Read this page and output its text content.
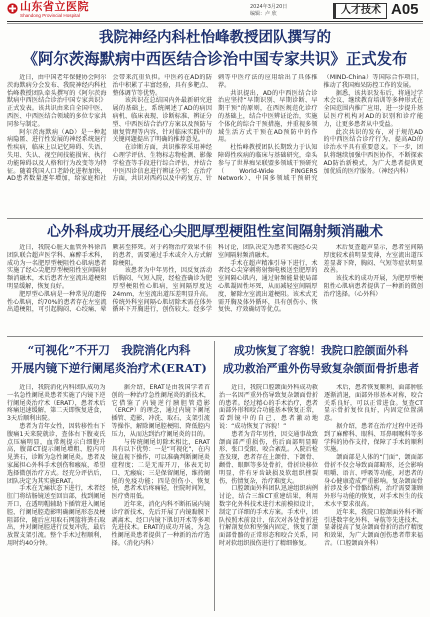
山东省立医院
Shandong Provincial Hospital
2024年3月20日
编辑：卢 欣	人才技术 A05
我院神经内科杜怡峰教授团队撰写的
《阿尔茨海默病中西医结合诊治中国专家共识》正式发布

近日，由中国老年保健协会阿尔茨海默病分会发布、我院神经内科杜怡峰教授团队牵头撰写的《阿尔茨海默病中西医结合诊治中国专家共识》正式发表。该共识由来自全国中医、西医、中西医结合领域的多位专家共同参与制定。

阿尔茨海默病（AD）是一种起病隐匿、进行性发展的神经系统退行性疾病，临床上以记忆障碍、失语、失用、失认、视空间技能损害、执行功能障碍以及人格和行为改变等为特征。随着我国人口老龄化进程加快，AD患者数量逐年增加，给家庭和社会带来沉重负担。中医药在AD的防治中积累了丰富经验，具有多靶点、整体调节等优势。

该共识在总结国内外最新研究进展的基础上，系统阐述了AD的病因病机、临床表现、诊断标准、辨证分型、中西医结合治疗方案以及预防与康复管理等内容，针对临床实践中的关键问题提出了明确的推荐意见。

在诊断方面，共识推荐采用神经心理学评估、生物标志物检测、影像学检查等手段进行综合评估，并结合中医四诊信息进行辨证分型；在治疗方面，共识对西药以及中药复方、针刺等中医疗法的应用给出了具体推荐。

共识提出，AD的中西医结合诊治应坚持“早期识别、早期诊断、早期干预”的原则，在西医规范化诊疗的基础上，结合中医辨证论治，实施个体化的综合干预措施，并重视多领域生活方式干预在AD预防中的作用。

杜怡峰教授团队长期致力于认知障碍性疾病的临床与基础研究，牵头参与了世界痴呆联盟多领域干预研究（World-Wide FINGERS Network）、中国多领域干预研究（MIND-China）等国际合作项目，推动了我国痴呆防控工作的发展。

据悉，该共识发布后，将通过学术会议、继续教育培训等多种形式在全国范围内推广应用，进一步提升基层医疗机构对AD的识别和诊疗能力，让更多患者从中受益。

此次共识的发布，对于规范AD的中西医结合诊疗行为、提高AD的诊治水平具有重要意义。下一步，团队将继续加强中西医协作，不断探索AD防治新模式，为广大患者提供更加优质的医疗服务。（神经内科）

心外科成功开展经心尖肥厚型梗阻性室间隔射频消融术

近日，我院心脏大血管外科徐昌团队联合超声医学科、麻醉手术科，成功为一名肥厚型梗阻性心肌病患者实施了经心尖肥厚型梗阻性室间隔射频消融术，术后患者左室流出道梗阻明显缓解，恢复良好。

肥厚型心肌病是一种常见的遗传性心肌病，约70%的患者存在左室流出道梗阻，可引起胸闷、心绞痛、晕厥甚至猝死。对于药物治疗效果不佳的患者，需要通过手术或介入方式解除梗阻。

该患者为中年男性，因反复活动后胸闷、气短入院，经检查确诊为肥厚型梗阻性心肌病，室间隔厚度达24mm，左室流出道压差明显升高。传统外科室间隔心肌切除术需在体外循环下开胸进行，创伤较大。经多学科讨论，团队决定为患者实施经心尖室间隔射频消融术。

手术在超声精准引导下进行，术者经心尖穿刺将射频电极送至肥厚的室间隔心肌内，通过射频能量使局部心肌凝固性坏死，从而减轻室间隔厚度，解除左室流出道梗阻。该术式无需开胸及体外循环，具有创伤小、恢复快、疗效确切等优点。

术后复查超声显示，患者室间隔厚度较术前明显变薄，左室流出道压差显著下降，胸闷、气短等症状明显改善。

该技术的成功开展，为肥厚型梗阻性心肌病患者提供了一种新的微创治疗选择。（心外科）

“可视化”不开刀　我院消化内科
开展内镜下逆行阑尾炎治疗术(ERAT)

近日，我院消化内科团队成功为一名急性阑尾炎患者实施了内镜下逆行阑尾炎治疗术（ERAT），患者术后疼痛迅速缓解，第二天即恢复进食，3天后顺利出院。

患者为青年女性，因转移性右下腹痛1天来院就诊，查体右下腹麦氏点压痛明显，血常规提示白细胞升高，腹部CT提示阑尾增粗、腔内可见粪石，诊断为急性阑尾炎。患者及家属担心外科手术创伤和瘢痕，希望选择微创治疗方式。经充分评估后，团队决定为其实施ERAT。

手术在无痛状态下进行，术者经肛门将结肠镜送至回盲部，找到阑尾开口，在透明帽辅助下插管进入阑尾腔，行阑尾腔造影明确阑尾形态及梗阻部位，随后应用取石网篮将粪石取出，并对阑尾腔进行反复冲洗，最后放置支架引流。整个手术过程顺利，用时约40分钟。

据介绍，ERAT是由我国学者首创的一种治疗急性阑尾炎的新技术，它借鉴了内镜逆行胰胆管造影（ERCP）的理念，通过内镜下阑尾插管、造影、冲洗、取石、支架引流等操作，解除阑尾腔梗阻、降低腔内压力，从而达到治疗阑尾炎的目的。

与传统阑尾切除术相比，ERAT具有以下优势：一是“可视化”，在内镜直视下操作，可以准确判断阑尾炎症程度；二是无需开刀，体表无切口、无瘢痕；三是保留阑尾，维持阑尾的免疫功能；四是创伤小、恢复快，患者术后疼痛轻，住院时间短，医疗费用低。

近年来，消化内科不断拓展内镜诊疗新技术，先后开展了内镜黏膜下剥离术、经口内镜下肌切开术等多项先进技术。ERAT的成功开展，为急性阑尾炎患者提供了一种新的治疗选择。（消化内科）

成功恢复了容貌！我院口腔颌面外科
成功救治严重外伤导致复杂颌面骨折患者

近日，我院口腔颌面外科成功救治一名因严重外伤导致复杂颌面骨折的患者。经过精心的手术治疗，患者面部外形和咬合功能基本恢复正常，看到镜中的自己，患者激动地说：“成功恢复了容貌！”

患者为青年男性，因交通事故致颌面部严重损伤，伤后面部明显畸形、张口受限、咬合紊乱。入院后检查发现，患者存在上颌骨、下颌骨、颧骨、眼眶等多处骨折，骨折块移位明显，伴有牙齿缺损及软组织挫裂伤，伤情复杂，治疗难度大。

口腔颌面外科团队迅速组织病例讨论，结合三维CT重建结果，利用数字化外科技术进行术前模拟设计，制定了详细的手术方案。手术中，团队按照术前设计，依次对各处骨折进行解剖复位和坚强内固定，恢复了颌面部骨骼的正常形态和咬合关系，同时对软组织损伤进行了精细修复。

术后，患者恢复顺利，面部肿胀逐渐消退，面部外形基本对称，咬合关系良好，可以正常进食。复查CT显示骨折复位良好，内固定位置满意。

据介绍，患者在治疗过程中还得到了麻醉科、眼科、耳鼻咽喉科等多学科的协作支持，保障了手术的顺利实施。

颌面部是人体的“门面”，颌面部骨折不仅会导致面部畸形，还会影响咀嚼、语言、呼吸等功能，对患者的身心健康造成严重影响。复杂颌面骨折涉及多个骨骼结构，治疗需要兼顾外形与功能的恢复，对手术医生的技术水平要求很高。

近年来，我院口腔颌面外科不断引进数字化外科、导航等先进技术，显著提高了复杂颌面骨折的治疗精度和效果，为广大颌面创伤患者带来福音。（口腔颌面外科）
